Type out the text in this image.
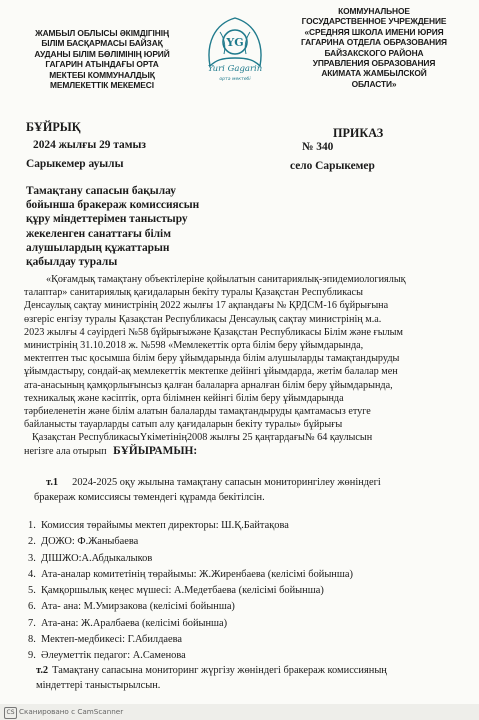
ЖАМБЫЛ ОБЛЫСЫ ӘКІМДІГІНІҢ
БІЛІМ БАСҚАРМАСЫ БАЙЗАҚ
АУДАНЫ БІЛІМ БӨЛІМІНІҢ ЮРИЙ
ГАГАРИН АТЫНДАҒЫ ОРТА
МЕКТЕБІ КОММУНАЛДЫҚ
МЕМЛЕКЕТТІК МЕКЕМЕСІ
YG
Yuri Gagarin
орта мектебі
КОММУНАЛЬНОЕ
ГОСУДАРСТВЕННОЕ УЧРЕЖДЕНИЕ
«СРЕДНЯЯ ШКОЛА ИМЕНИ ЮРИЯ
ГАГАРИНА ОТДЕЛА ОБРАЗОВАНИЯ
БАЙЗАКСКОГО РАЙОНА
УПРАВЛЕНИЯ ОБРАЗОВАНИЯ
АКИМАТА ЖАМБЫЛСКОЙ
ОБЛАСТИ»
БҰЙРЫҚ	ПРИКАЗ
2024 жылғы 29 тамыз	№ 340
Сарыкемер ауылы	село Сарыкемер
Тамақтану сапасын бақылау
бойынша бракераж комиссиясын
құру міндеттерімен таныстыру
жекеленген санаттағы білім
алушылардың құжаттарын
қабылдау туралы
«Қоғамдық тамақтану объектілеріне қойылатын санитариялық-эпидемиологиялық
талаптар» санитариялық қағидаларын бекіту туралы Қазақстан Республикасы
Денсаулық сақтау министрінің 2022 жылғы 17 ақпандағы № ҚРДСМ-16 бұйрығына
өзгеріс енгізу туралы Қазақстан Республикасы Денсаулық сақтау министрінің м.а.
2023 жылғы 4 сәуірдегі №58 бұйрығыжәне Қазақстан Республикасы Білім және ғылым
министрінің 31.10.2018 ж. №598 «Мемлекеттік орта білім беру ұйымдарында,
мектептен тыс қосымша білім беру ұйымдарында білім алушыларды тамақтандыруды
ұйымдастыру, сондай-ақ мемлекеттік мектепке дейінгі ұйымдарда, жетім балалар мен
ата-анасының қамқорлығынсыз қалған балаларға арналған білім беру ұйымдарында,
техникалық және кәсіптік, орта білімнен кейінгі білім беру ұйымдарында
тәрбиеленетін және білім алатын балаларды тамақтандыруды қамтамасыз етуге
байланысты тауарларды сатып алу қағидаларын бекіту туралы» бұйрығы
Қазақстан РеспубликасыҮкіметінің2008 жылғы 25 қаңтардағы№ 64 қаулысын
негізге ала отырып БҰЙЫРАМЫН:
т.1 2024-2025 оқу жылына тамақтану сапасын мониторингілеу жөніндегі
бракераж комиссиясы төмендегі құрамда бекітілсін.
1. Комиссия төрайымы мектеп директоры: Ш.Қ.Байтақова
2. ДОЖО: Ф.Жаныбаева
3. ДІШЖО:А.Абдыкалыков
4. Ата-аналар комитетінің төрайымы: Ж.Жиренбаева (келісімі бойынша)
5. Қамқоршылық кеңес мүшесі: А.Медетбаева (келісімі бойынша)
6. Ата- ана: М.Умирзакова (келісімі бойынша)
7. Ата-ана: Ж.Аралбаева (келісімі бойынша)
8. Мектеп-медбикесі: Г.Абилдаева
9. Әлеуметтік педагог: А.Саменова
т.2 Тамақтану сапасына мониторинг жүргізу жөніндегі бракераж комиссияның
міндеттері таныстырылсын.
CS Сканировано с CamScanner
